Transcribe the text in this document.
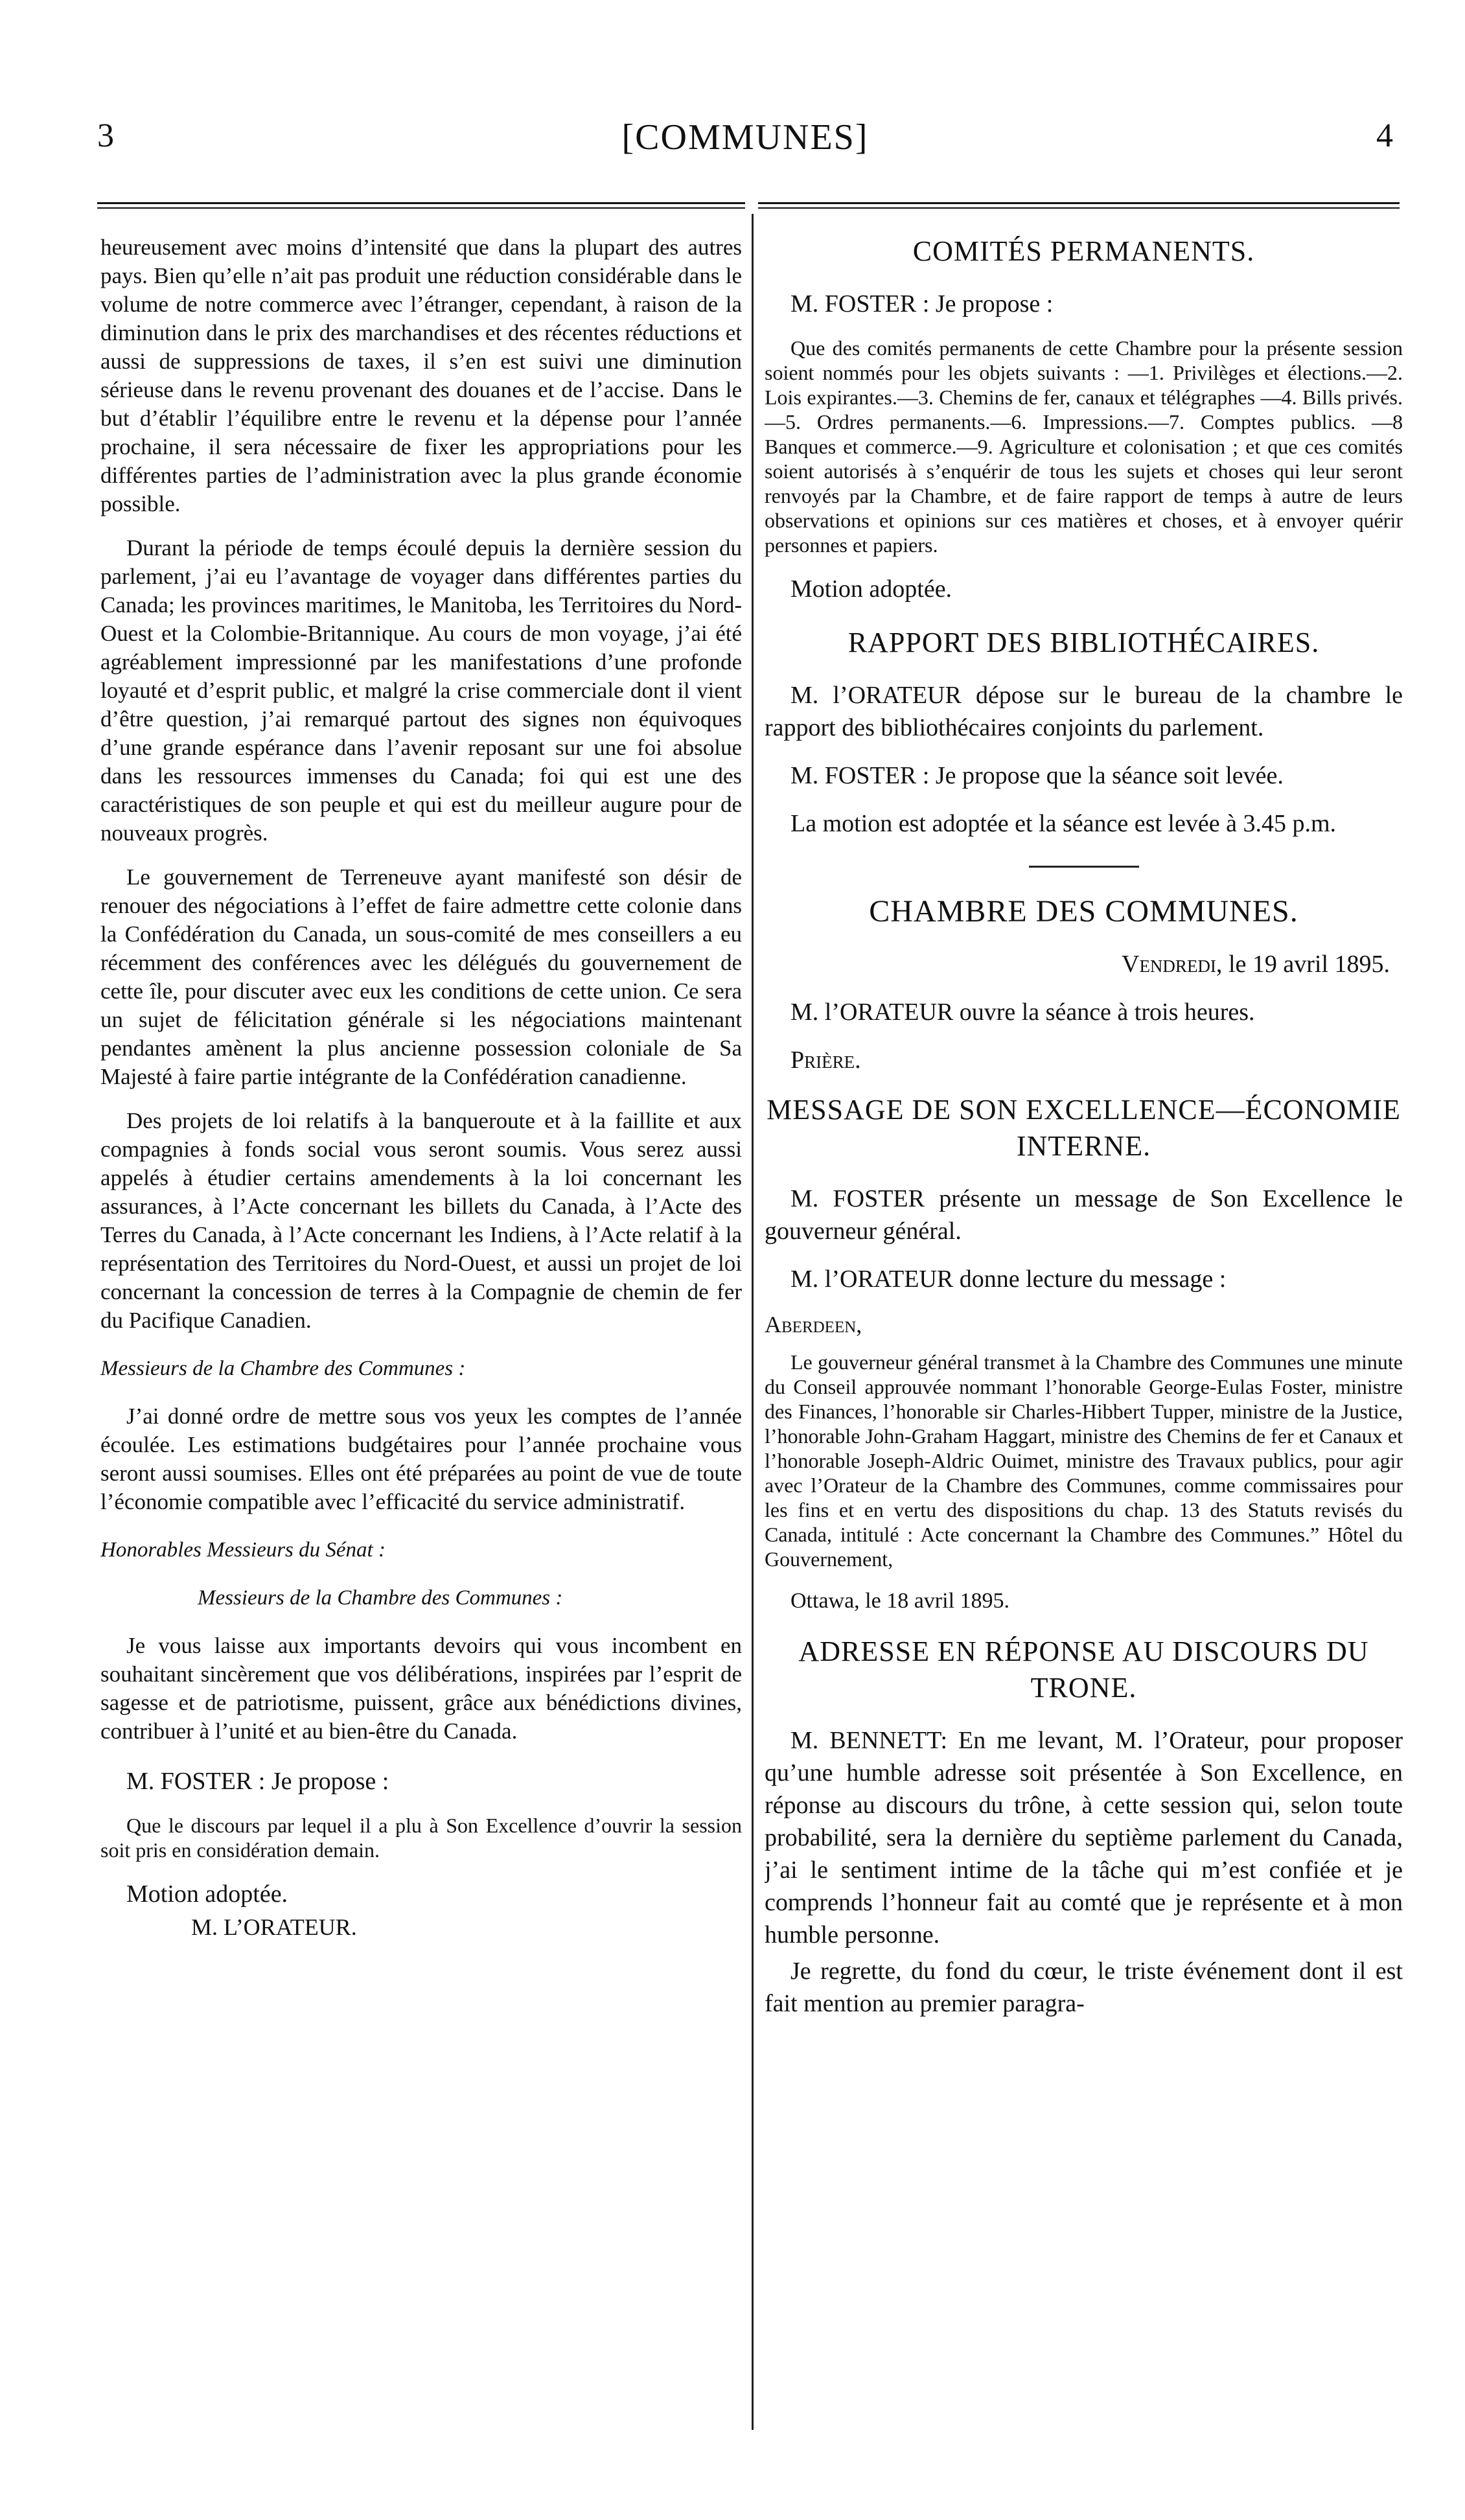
3	[COMMUNES]	4

heureusement avec moins d’intensité que dans la plupart des autres pays. Bien qu’elle n’ait pas produit une réduction considérable dans le volume de notre commerce avec l’étranger, cependant, à raison de la diminution dans le prix des marchandises et des récentes réductions et aussi de suppressions de taxes, il s’en est suivi une diminution sérieuse dans le revenu provenant des douanes et de l’accise. Dans le but d’établir l’équilibre entre le revenu et la dépense pour l’année prochaine, il sera nécessaire de fixer les appropriations pour les différentes parties de l’administration avec la plus grande économie possible.

Durant la période de temps écoulé depuis la dernière session du parlement, j’ai eu l’avantage de voyager dans différentes parties du Canada; les provinces maritimes, le Manitoba, les Territoires du Nord-Ouest et la Colombie-Britannique. Au cours de mon voyage, j’ai été agréablement impressionné par les manifestations d’une profonde loyauté et d’esprit public, et malgré la crise commerciale dont il vient d’être question, j’ai remarqué partout des signes non équivoques d’une grande espérance dans l’avenir reposant sur une foi absolue dans les ressources immenses du Canada; foi qui est une des caractéristiques de son peuple et qui est du meilleur augure pour de nouveaux progrès.

Le gouvernement de Terreneuve ayant manifesté son désir de renouer des négociations à l’effet de faire admettre cette colonie dans la Confédération du Canada, un sous-comité de mes conseillers a eu récemment des conférences avec les délégués du gouvernement de cette île, pour discuter avec eux les conditions de cette union. Ce sera un sujet de félicitation générale si les négociations maintenant pendantes amènent la plus ancienne possession coloniale de Sa Majesté à faire partie intégrante de la Confédération canadienne.

Des projets de loi relatifs à la banqueroute et à la faillite et aux compagnies à fonds social vous seront soumis. Vous serez aussi appelés à étudier certains amendements à la loi concernant les assurances, à l’Acte concernant les billets du Canada, à l’Acte des Terres du Canada, à l’Acte concernant les Indiens, à l’Acte relatif à la représentation des Territoires du Nord-Ouest, et aussi un projet de loi concernant la concession de terres à la Compagnie de chemin de fer du Pacifique Canadien.

Messieurs de la Chambre des Communes :

J’ai donné ordre de mettre sous vos yeux les comptes de l’année écoulée. Les estimations budgétaires pour l’année prochaine vous seront aussi soumises. Elles ont été préparées au point de vue de toute l’économie compatible avec l’efficacité du service administratif.

Honorables Messieurs du Sénat :
Messieurs de la Chambre des Communes :

Je vous laisse aux importants devoirs qui vous incombent en souhaitant sincèrement que vos délibérations, inspirées par l’esprit de sagesse et de patriotisme, puissent, grâce aux bénédictions divines, contribuer à l’unité et au bien-être du Canada.

M. FOSTER : Je propose :

Que le discours par lequel il a plu à Son Excellence d’ouvrir la session soit pris en considération demain.

Motion adoptée.
M. L’ORATEUR.
COMITÉS PERMANENTS.
M. FOSTER : Je propose :

Que des comités permanents de cette Chambre pour la présente session soient nommés pour les objets suivants : —1. Privilèges et élections.—2. Lois expirantes.—3. Chemins de fer, canaux et télégraphes —4. Bills privés.—5. Ordres permanents.—6. Impressions.—7. Comptes publics. —8 Banques et commerce.—9. Agriculture et colonisation ; et que ces comités soient autorisés à s’enquérir de tous les sujets et choses qui leur seront renvoyés par la Chambre, et de faire rapport de temps à autre de leurs observations et opinions sur ces matières et choses, et à envoyer quérir personnes et papiers.

Motion adoptée.
RAPPORT DES BIBLIOTHÉCAIRES.
M. l’ORATEUR dépose sur le bureau de la chambre le rapport des bibliothécaires conjoints du parlement.
M. FOSTER : Je propose que la séance soit levée.
La motion est adoptée et la séance est levée à 3.45 p.m.
CHAMBRE DES COMMUNES.
Vendredi, le 19 avril 1895.
M. l’ORATEUR ouvre la séance à trois heures.
Prière.
MESSAGE DE SON EXCELLENCE—ÉCONOMIE INTERNE.
M. FOSTER présente un message de Son Excellence le gouverneur général.
M. l’ORATEUR donne lecture du message :
Aberdeen,

Le gouverneur général transmet à la Chambre des Communes une minute du Conseil approuvée nommant l’honorable George-Eulas Foster, ministre des Finances, l’honorable sir Charles-Hibbert Tupper, ministre de la Justice, l’honorable John-Graham Haggart, ministre des Chemins de fer et Canaux et l’honorable Joseph-Aldric Ouimet, ministre des Travaux publics, pour agir avec l’Orateur de la Chambre des Communes, comme commissaires pour les fins et en vertu des dispositions du chap. 13 des Statuts revisés du Canada, intitulé : Acte concernant la Chambre des Communes.” Hôtel du Gouvernement,

Ottawa, le 18 avril 1895.
ADRESSE EN RÉPONSE AU DISCOURS DU TRONE.
M. BENNETT: En me levant, M. l’Orateur, pour proposer qu’une humble adresse soit présentée à Son Excellence, en réponse au discours du trône, à cette session qui, selon toute probabilité, sera la dernière du septième parlement du Canada, j’ai le sentiment intime de la tâche qui m’est confiée et je comprends l’honneur fait au comté que je représente et à mon humble personne.
Je regrette, du fond du cœur, le triste événement dont il est fait mention au premier paragra-
